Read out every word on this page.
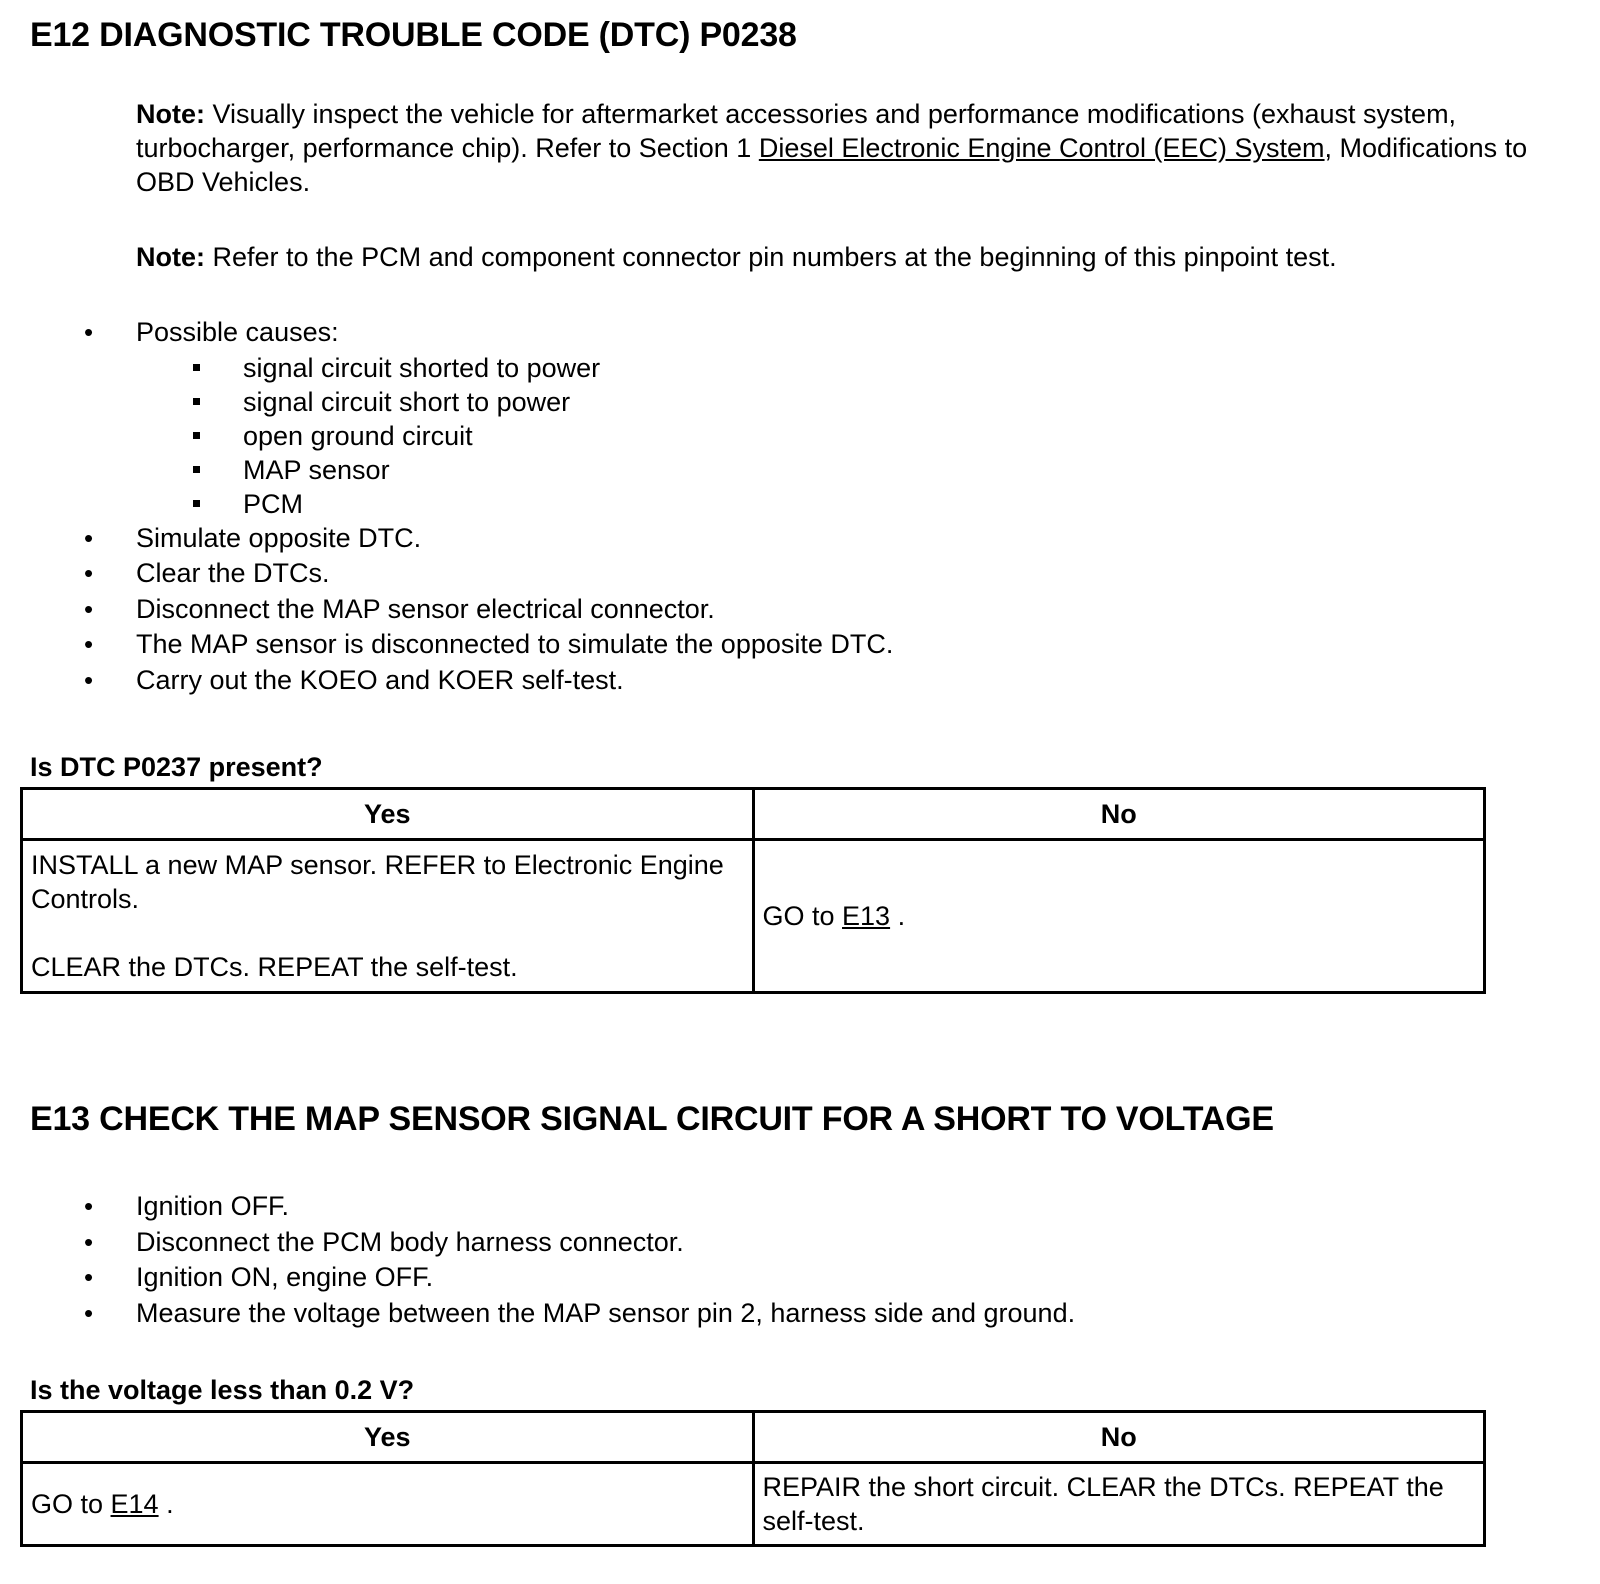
E12 DIAGNOSTIC TROUBLE CODE (DTC) P0238

Note: Visually inspect the vehicle for aftermarket accessories and performance modifications (exhaust system, turbocharger, performance chip). Refer to Section 1 Diesel Electronic Engine Control (EEC) System, Modifications to OBD Vehicles.

Note: Refer to the PCM and component connector pin numbers at the beginning of this pinpoint test.

• Possible causes:
signal circuit shorted to power
signal circuit short to power
open ground circuit
MAP sensor
PCM
• Simulate opposite DTC.
• Clear the DTCs.
• Disconnect the MAP sensor electrical connector.
• The MAP sensor is disconnected to simulate the opposite DTC.
• Carry out the KOEO and KOER self-test.

Is DTC P0237 present?

Yes	No
INSTALL a new MAP sensor. REFER to Electronic Engine Controls.
CLEAR the DTCs. REPEAT the self-test.	GO to E13 .
E13 CHECK THE MAP SENSOR SIGNAL CIRCUIT FOR A SHORT TO VOLTAGE
• Ignition OFF.
• Disconnect the PCM body harness connector.
• Ignition ON, engine OFF.
• Measure the voltage between the MAP sensor pin 2, harness side and ground.

Is the voltage less than 0.2 V?

Yes	No
GO to E14 .	REPAIR the short circuit. CLEAR the DTCs. REPEAT the self-test.
